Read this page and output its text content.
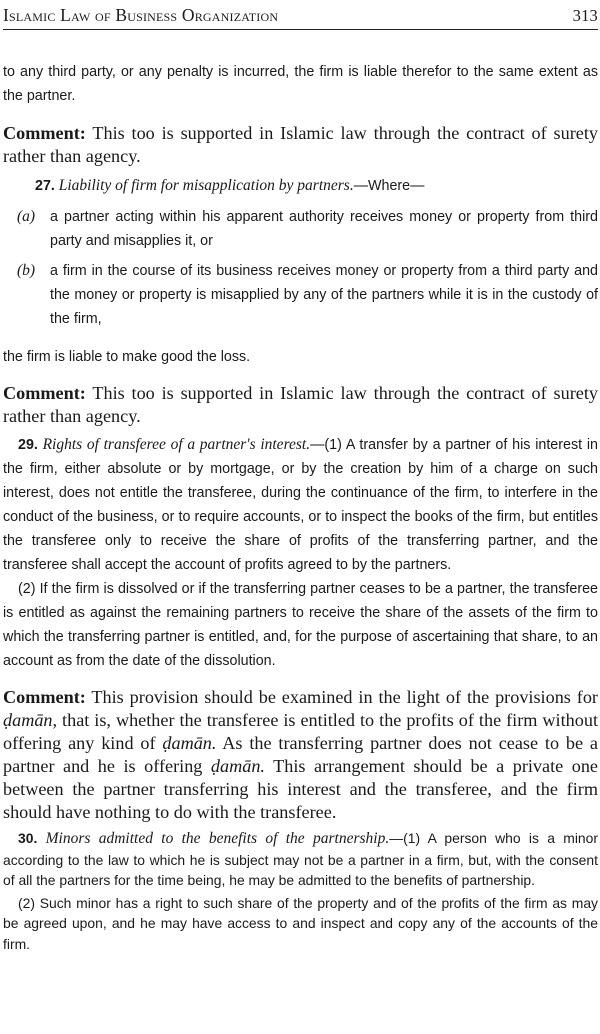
Islamic Law of Business Organization	313

to any third party, or any penalty is incurred, the firm is liable therefor to the same extent as the partner.

Comment: This too is supported in Islamic law through the contract of surety rather than agency.

27. Liability of firm for misapplication by partners.—Where—

(a)	a partner acting within his apparent authority receives money or property from third party and misapplies it, or
(b)	a firm in the course of its business receives money or property from a third party and the money or property is misapplied by any of the partners while it is in the custody of the firm,

the firm is liable to make good the loss.

Comment: This too is supported in Islamic law through the contract of surety rather than agency.

29. Rights of transferee of a partner's interest.—(1) A transfer by a partner of his interest in the firm, either absolute or by mortgage, or by the creation by him of a charge on such interest, does not entitle the transferee, during the continuance of the firm, to interfere in the conduct of the business, or to require accounts, or to inspect the books of the firm, but entitles the transferee only to receive the share of profits of the transferring partner, and the transferee shall accept the account of profits agreed to by the partners.

(2) If the firm is dissolved or if the transferring partner ceases to be a partner, the transferee is entitled as against the remaining partners to receive the share of the assets of the firm to which the transferring partner is entitled, and, for the purpose of ascertaining that share, to an account as from the date of the dissolution.

Comment: This provision should be examined in the light of the provisions for ḍamān, that is, whether the transferee is entitled to the profits of the firm without offering any kind of ḍamān. As the transferring partner does not cease to be a partner and he is offering ḍamān. This arrangement should be a private one between the partner transferring his interest and the transferee, and the firm should have nothing to do with the transferee.

30. Minors admitted to the benefits of the partnership.—(1) A person who is a minor according to the law to which he is subject may not be a partner in a firm, but, with the consent of all the partners for the time being, he may be admitted to the benefits of partnership.

(2) Such minor has a right to such share of the property and of the profits of the firm as may be agreed upon, and he may have access to and inspect and copy any of the accounts of the firm.
